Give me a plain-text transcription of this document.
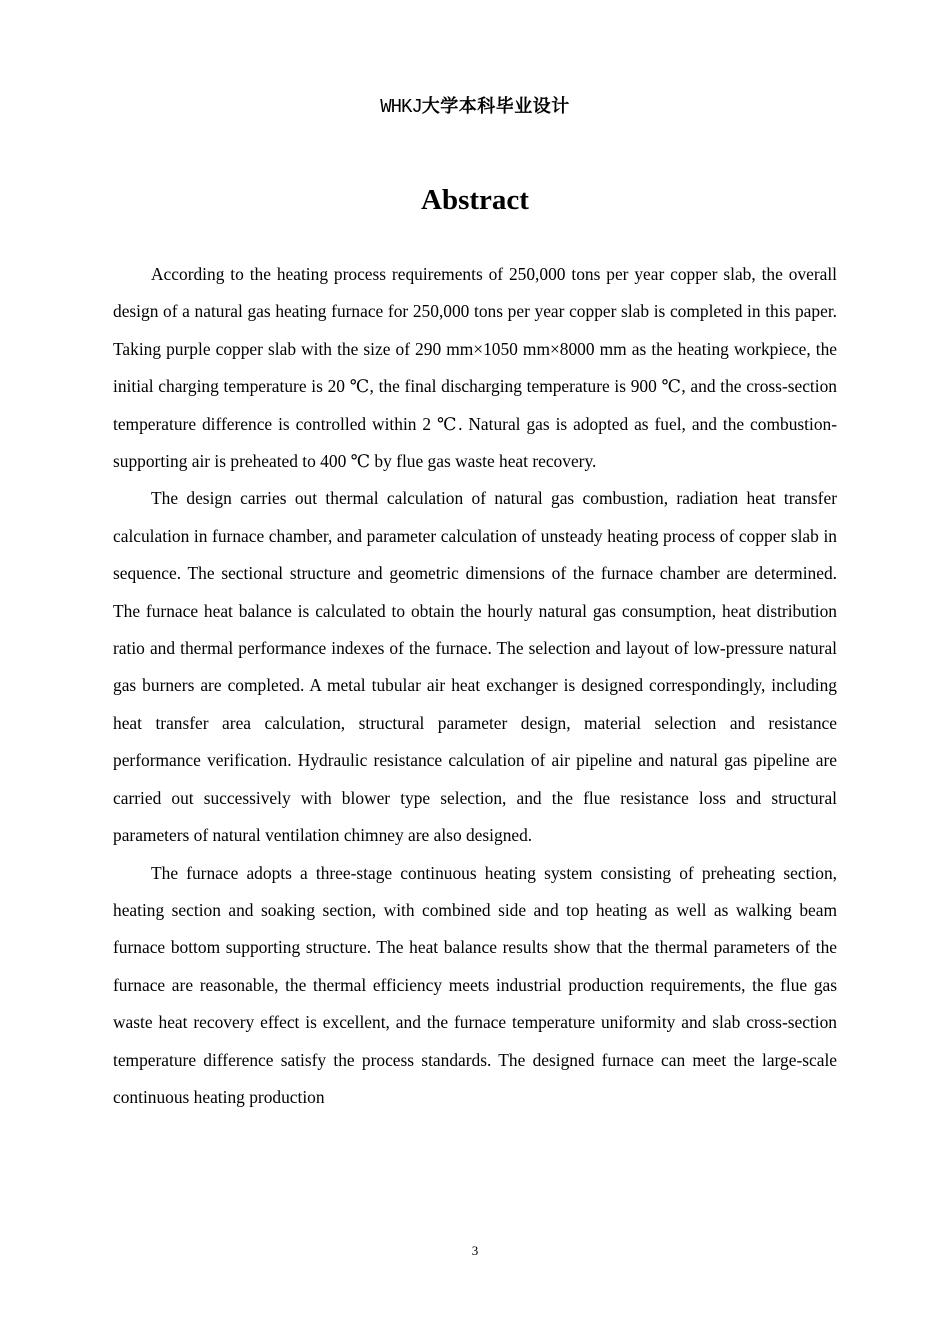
WHKJ大学本科毕业设计
Abstract

According to the heating process requirements of 250,000 tons per year copper slab, the overall design of a natural gas heating furnace for 250,000 tons per year copper slab is completed in this paper. Taking purple copper slab with the size of 290 mm×1050 mm×8000 mm as the heating workpiece, the initial charging temperature is 20 ℃, the final discharging temperature is 900 ℃, and the cross-section temperature difference is controlled within 2 ℃. Natural gas is adopted as fuel, and the combustion-supporting air is preheated to 400 ℃ by flue gas waste heat recovery.

The design carries out thermal calculation of natural gas combustion, radiation heat transfer calculation in furnace chamber, and parameter calculation of unsteady heating process of copper slab in sequence. The sectional structure and geometric dimensions of the furnace chamber are determined. The furnace heat balance is calculated to obtain the hourly natural gas consumption, heat distribution ratio and thermal performance indexes of the furnace. The selection and layout of low-pressure natural gas burners are completed. A metal tubular air heat exchanger is designed correspondingly, including heat transfer area calculation, structural parameter design, material selection and resistance performance verification. Hydraulic resistance calculation of air pipeline and natural gas pipeline are carried out successively with blower type selection, and the flue resistance loss and structural parameters of natural ventilation chimney are also designed.

The furnace adopts a three-stage continuous heating system consisting of preheating section, heating section and soaking section, with combined side and top heating as well as walking beam furnace bottom supporting structure. The heat balance results show that the thermal parameters of the furnace are reasonable, the thermal efficiency meets industrial production requirements, the flue gas waste heat recovery effect is excellent, and the furnace temperature uniformity and slab cross-section temperature difference satisfy the process standards. The designed furnace can meet the large-scale continuous heating production

3
